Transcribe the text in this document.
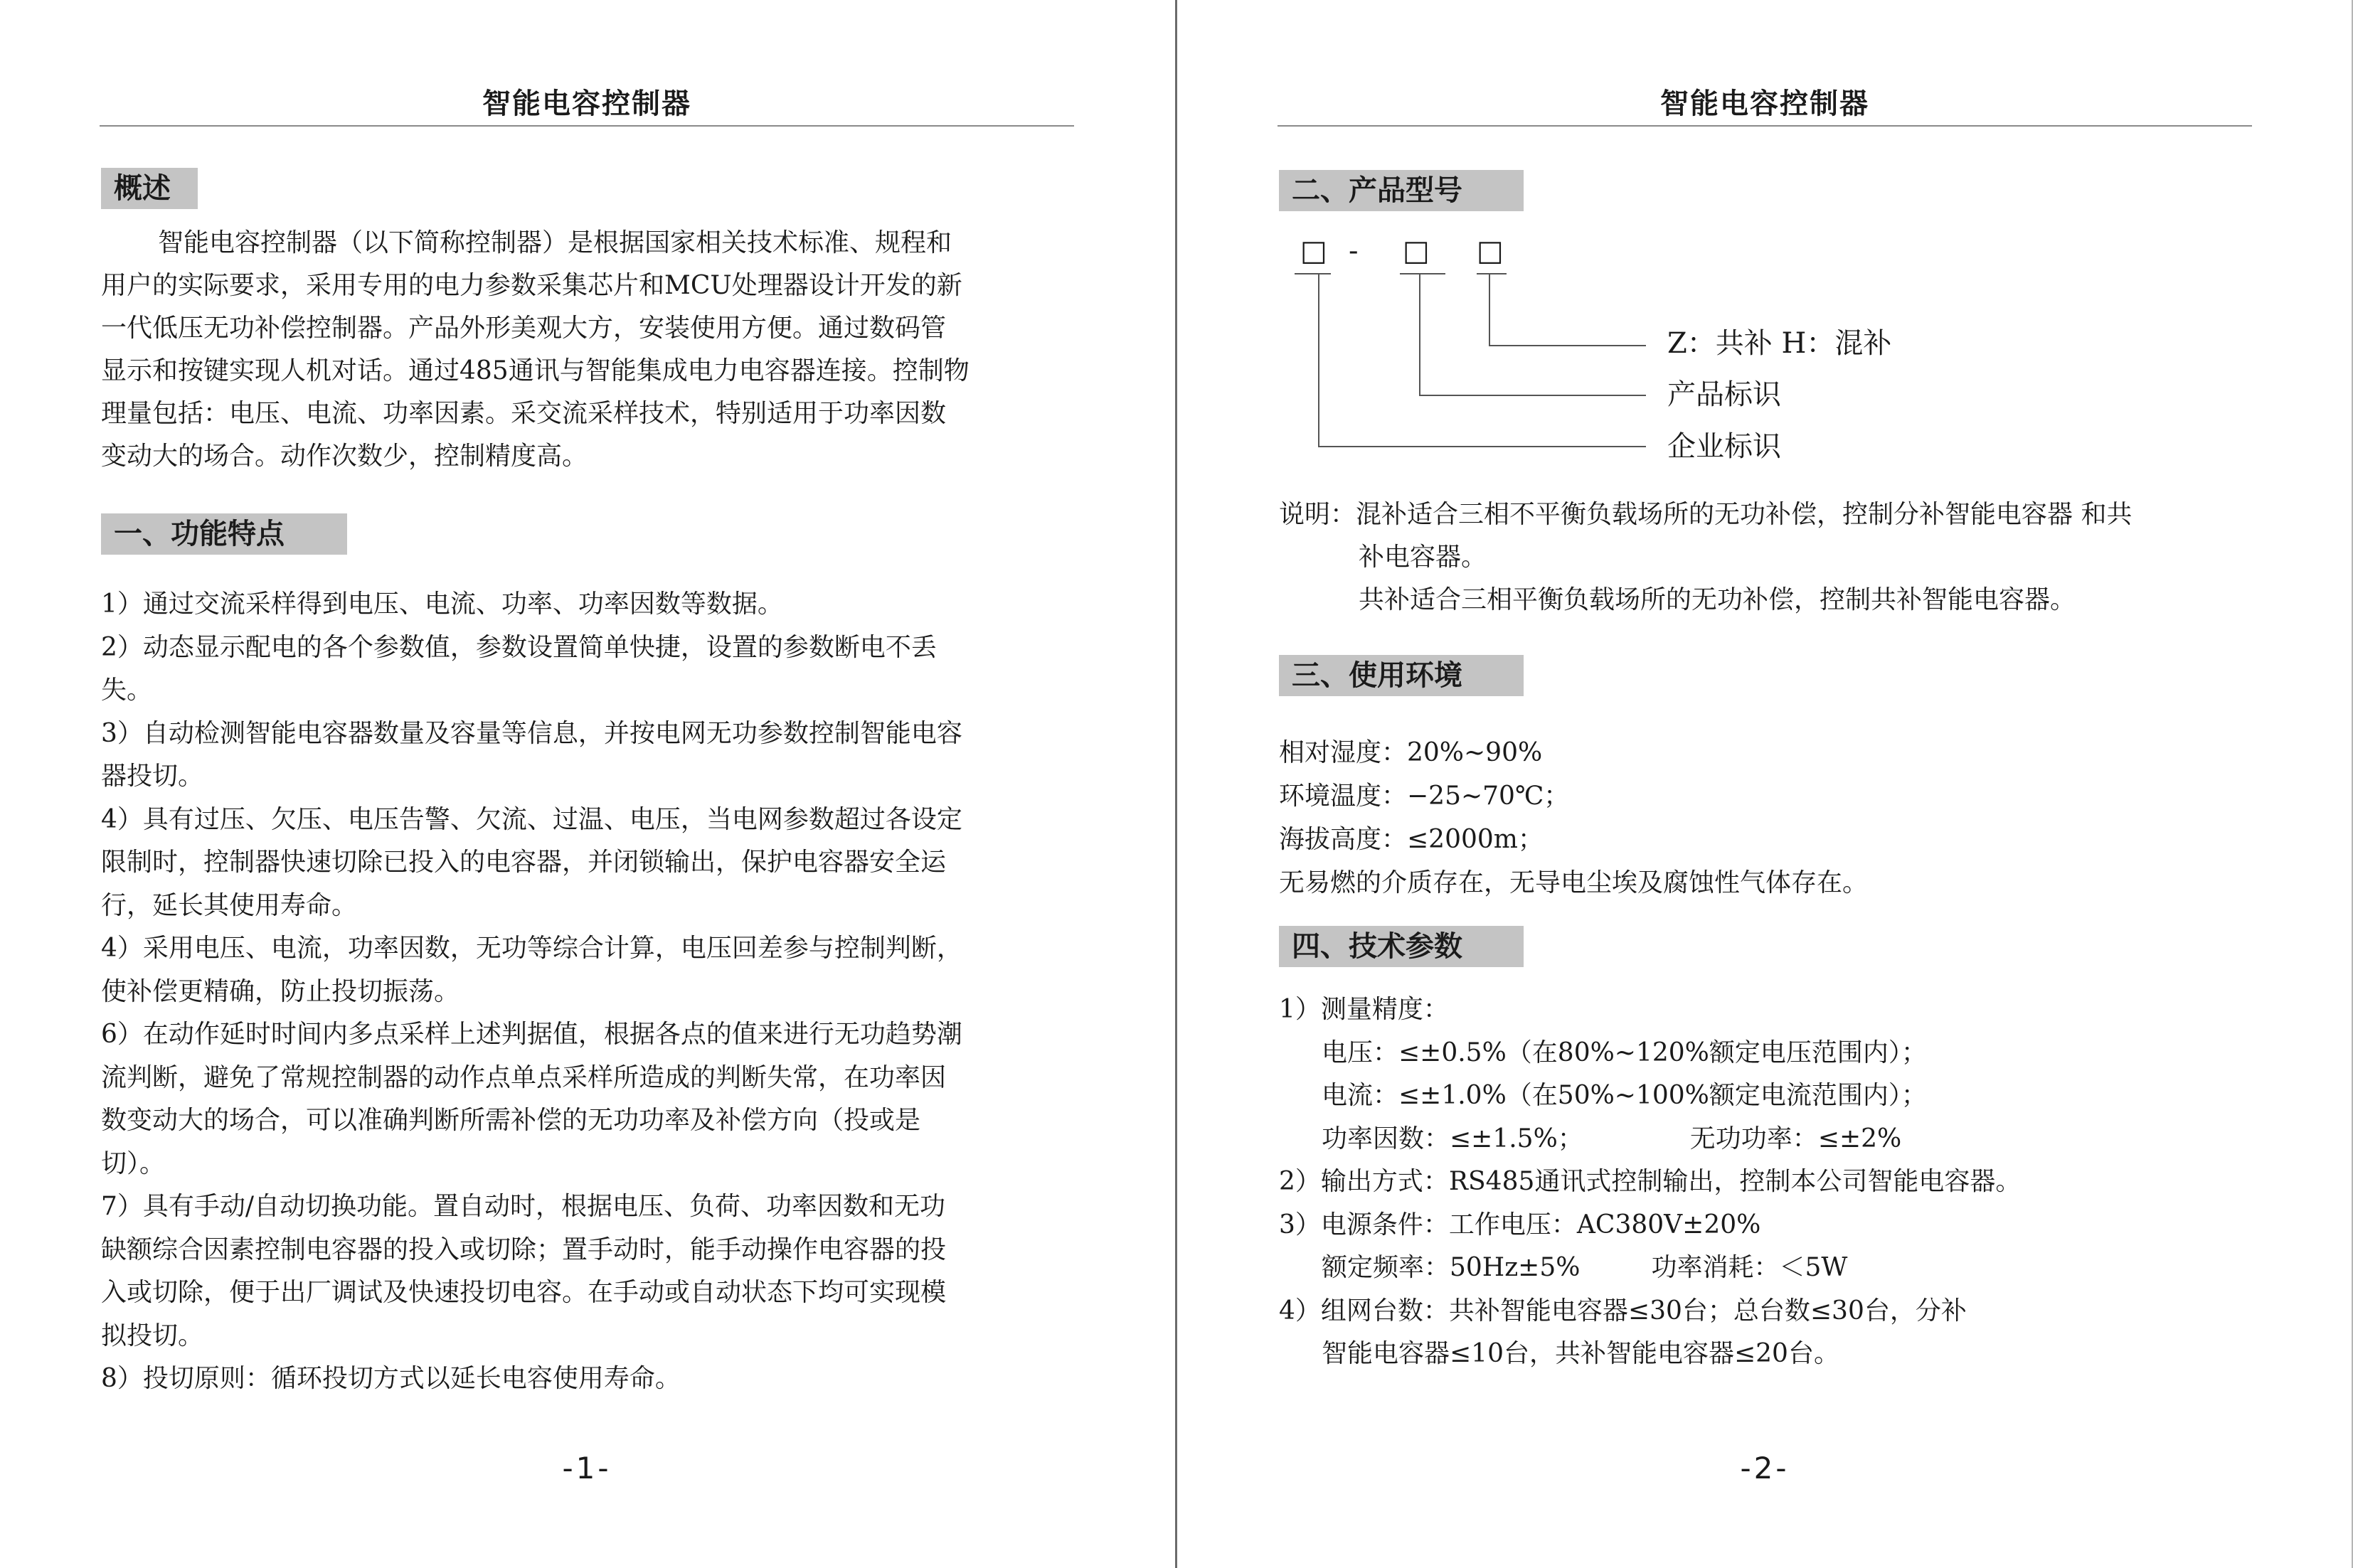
智能电容控制器
概述
智能电容控制器（以下简称控制器）是根据国家相关技术标准、规程和
用户的实际要求，采用专用的电力参数采集芯片和MCU处理器设计开发的新
一代低压无功补偿控制器。产品外形美观大方，安装使用方便。通过数码管
显示和按键实现人机对话。通过485通讯与智能集成电力电容器连接。控制物
理量包括：电压、电流、功率因素。采交流采样技术，特别适用于功率因数
变动大的场合。动作次数少，控制精度高。
一、功能特点
1）通过交流采样得到电压、电流、功率、功率因数等数据。
2）动态显示配电的各个参数值，参数设置简单快捷，设置的参数断电不丢
失。
3）自动检测智能电容器数量及容量等信息，并按电网无功参数控制智能电容
器投切。
4）具有过压、欠压、电压告警、欠流、过温、电压，当电网参数超过各设定
限制时，控制器快速切除已投入的电容器，并闭锁输出，保护电容器安全运
行，延长其使用寿命。
4）采用电压、电流，功率因数，无功等综合计算，电压回差参与控制判断，
使补偿更精确，防止投切振荡。
6）在动作延时时间内多点采样上述判据值，根据各点的值来进行无功趋势潮
流判断，避免了常规控制器的动作点单点采样所造成的判断失常，在功率因
数变动大的场合，可以准确判断所需补偿的无功功率及补偿方向（投或是
切）。
7）具有手动/自动切换功能。置自动时，根据电压、负荷、功率因数和无功
缺额综合因素控制电容器的投入或切除；置手动时，能手动操作电容器的投
入或切除，便于出厂调试及快速投切电容。在手动或自动状态下均可实现模
拟投切。
8）投切原则：循环投切方式以延长电容使用寿命。
-1-
智能电容控制器
二、产品型号
□ - □ □
Z：共补 H：混补
产品标识
企业标识
说明：混补适合三相不平衡负载场所的无功补偿，控制分补智能电容器 和共
补电容器。
共补适合三相平衡负载场所的无功补偿，控制共补智能电容器。
三、使用环境
相对湿度：20%~90%
环境温度：−25~70℃；
海拔高度：≤2000m；
无易燃的介质存在，无导电尘埃及腐蚀性气体存在。
四、技术参数
1）测量精度：
电压：≤±0.5%（在80%~120%额定电压范围内）；
电流：≤±1.0%（在50%~100%额定电流范围内）；
功率因数：≤±1.5%；	无功功率：≤±2%
2）输出方式：RS485通讯式控制输出，控制本公司智能电容器。
3）电源条件：工作电压：AC380V±20%
额定频率：50Hz±5%	功率消耗：＜5W
4）组网台数：共补智能电容器≤30台；总台数≤30台，分补
智能电容器≤10台，共补智能电容器≤20台。
-2-
